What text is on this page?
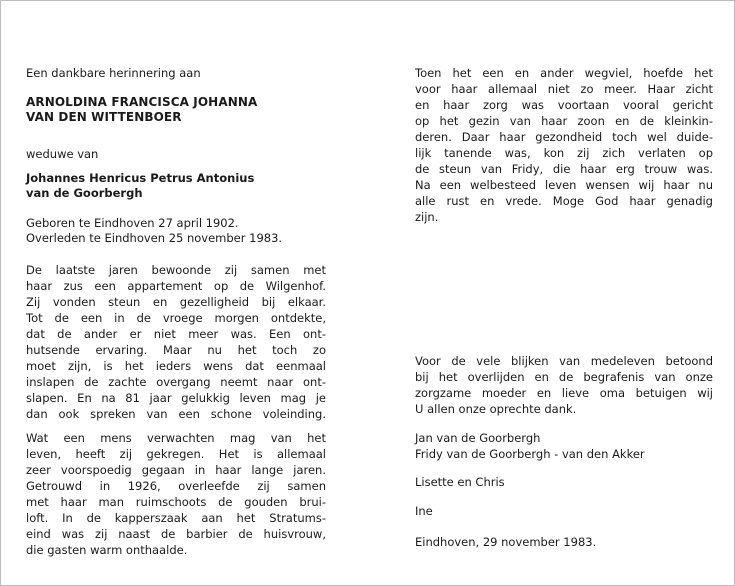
Een dankbare herinnering aan
ARNOLDINA FRANCISCA JOHANNA
VAN DEN WITTENBOER
weduwe van
Johannes Henricus Petrus Antonius
van de Goorbergh
Geboren te Eindhoven 27 april 1902.
Overleden te Eindhoven 25 november 1983.
De laatste jaren bewoonde zij samen met
haar zus een appartement op de Wilgenhof.
Zij vonden steun en gezelligheid bij elkaar.
Tot de een in de vroege morgen ontdekte,
dat de ander er niet meer was. Een ont-
hutsende ervaring. Maar nu het toch zo
moet zijn, is het ieders wens dat eenmaal
inslapen de zachte overgang neemt naar ont-
slapen. En na 81 jaar gelukkig leven mag je
dan ook spreken van een schone voleinding.
Wat een mens verwachten mag van het
leven, heeft zij gekregen. Het is allemaal
zeer voorspoedig gegaan in haar lange jaren.
Getrouwd in 1926, overleefde zij samen
met haar man ruimschoots de gouden brui-
loft. In de kapperszaak aan het Stratums-
eind was zij naast de barbier de huisvrouw,
die gasten warm onthaalde.
Toen het een en ander wegviel, hoefde het
voor haar allemaal niet zo meer. Haar zicht
en haar zorg was voortaan vooral gericht
op het gezin van haar zoon en de kleinkin-
deren. Daar haar gezondheid toch wel duide-
lijk tanende was, kon zij zich verlaten op
de steun van Fridy, die haar erg trouw was.
Na een welbesteed leven wensen wij haar nu
alle rust en vrede. Moge God haar genadig
zijn.
Voor de vele blijken van medeleven betoond
bij het overlijden en de begrafenis van onze
zorgzame moeder en lieve oma betuigen wij
U allen onze oprechte dank.
Jan van de Goorbergh
Fridy van de Goorbergh - van den Akker
Lisette en Chris
Ine
Eindhoven, 29 november 1983.
